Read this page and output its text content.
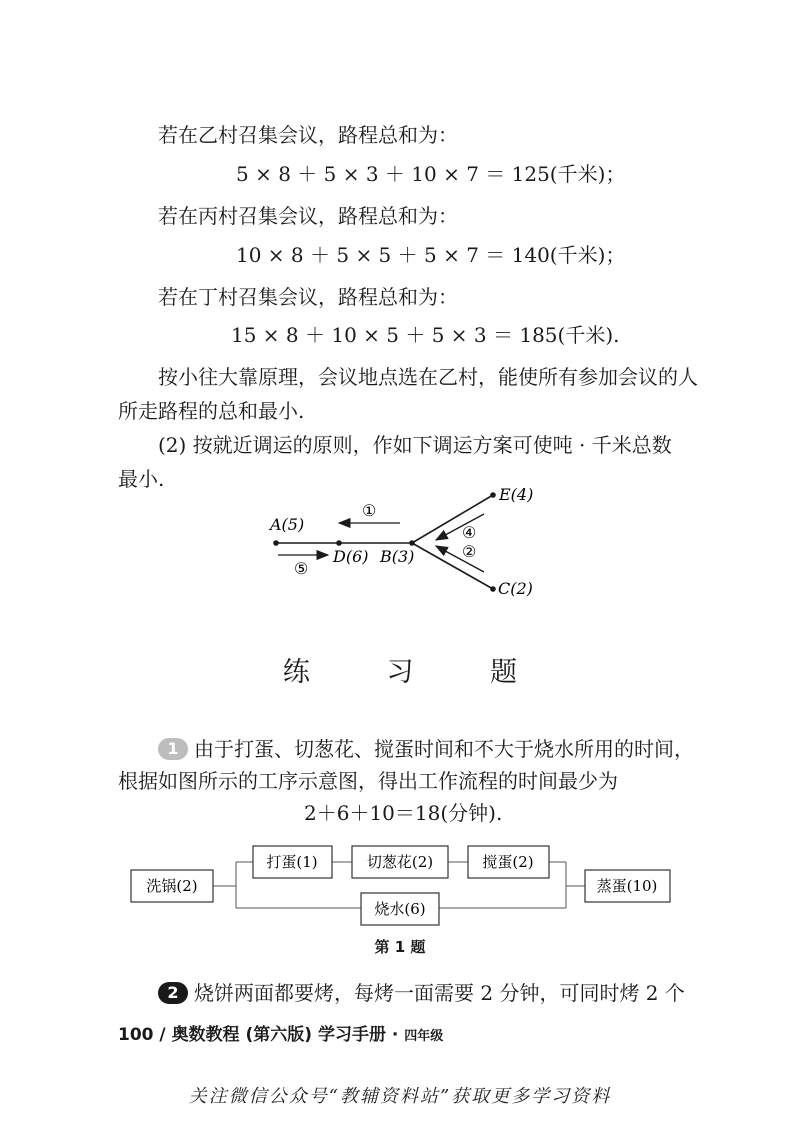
若在乙村召集会议，路程总和为：
5 × 8 ＋ 5 × 3 ＋ 10 × 7 ＝ 125(千米)；
若在丙村召集会议，路程总和为：
10 × 8 ＋ 5 × 5 ＋ 5 × 7 ＝ 140(千米)；
若在丁村召集会议，路程总和为：
15 × 8 ＋ 10 × 5 ＋ 5 × 3 ＝ 185(千米).
按小往大靠原理，会议地点选在乙村，能使所有参加会议的人
所走路程的总和最小.
(2) 按就近调运的原则，作如下调运方案可使吨 · 千米总数
最小.
A(5)
D(6) B(3)
E(4)
C(2)
①
⑤
④
②
练 习 题
1 由于打蛋、切葱花、搅蛋时间和不大于烧水所用的时间，
根据如图所示的工序示意图，得出工作流程的时间最少为
2＋6＋10＝18(分钟).
洗锅(2)
打蛋(1)	切葱花(2)	搅蛋(2)
蒸蛋(10)
烧水(6)
第 1 题
2 烧饼两面都要烤，每烤一面需要 2 分钟，可同时烤 2 个
100 / 奥数教程 (第六版) 学习手册 · 四年级
关注微信公众号“教辅资料站”获取更多学习资料
